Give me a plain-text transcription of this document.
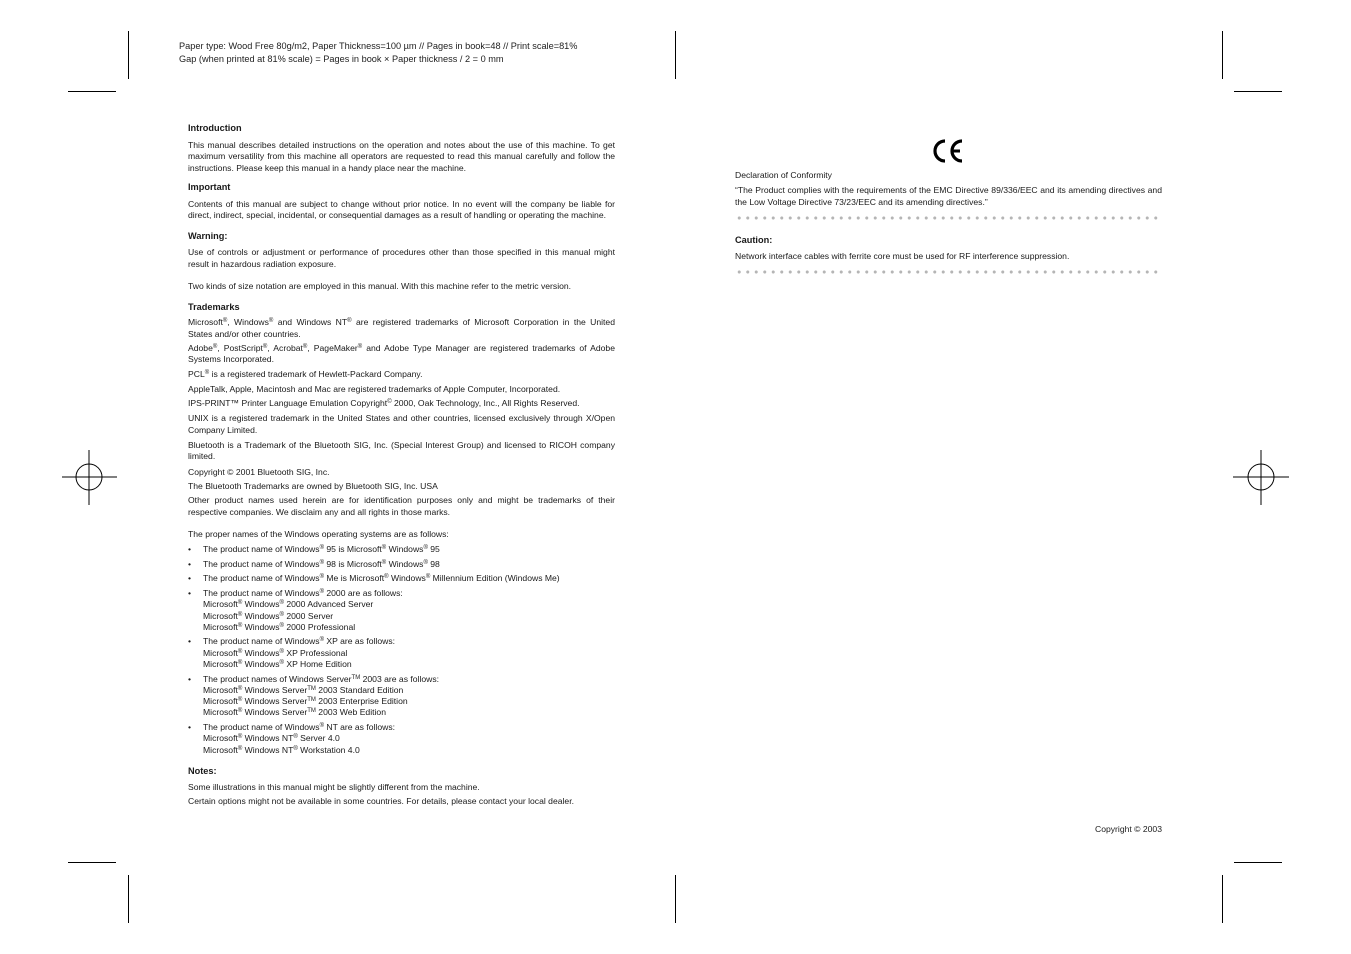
Paper type: Wood Free 80g/m2, Paper Thickness=100 µm // Pages in book=48 // Print scale=81%
Gap (when printed at 81% scale) = Pages in book × Paper thickness / 2 = 0 mm
Introduction

This manual describes detailed instructions on the operation and notes about the use of this machine. To get maximum versatility from this machine all operators are requested to read this manual carefully and follow the instructions. Please keep this manual in a handy place near the machine.

Important

Contents of this manual are subject to change without prior notice. In no event will the company be liable for direct, indirect, special, incidental, or consequential damages as a result of handling or operating the machine.

Warning:

Use of controls or adjustment or performance of procedures other than those specified in this manual might result in hazardous radiation exposure.

Two kinds of size notation are employed in this manual. With this machine refer to the metric version.

Trademarks

Microsoft®, Windows® and Windows NT® are registered trademarks of Microsoft Corporation in the United States and/or other countries.

Adobe®, PostScript®, Acrobat®, PageMaker® and Adobe Type Manager are registered trademarks of Adobe Systems Incorporated.

PCL® is a registered trademark of Hewlett-Packard Company.

AppleTalk, Apple, Macintosh and Mac are registered trademarks of Apple Computer, Incorporated.

IPS-PRINT™ Printer Language Emulation Copyright© 2000, Oak Technology, Inc., All Rights Reserved.

UNIX is a registered trademark in the United States and other countries, licensed exclusively through X/Open Company Limited.

Bluetooth is a Trademark of the Bluetooth SIG, Inc. (Special Interest Group) and licensed to RICOH company limited.

Copyright © 2001 Bluetooth SIG, Inc.

The Bluetooth Trademarks are owned by Bluetooth SIG, Inc. USA

Other product names used herein are for identification purposes only and might be trademarks of their respective companies. We disclaim any and all rights in those marks.

The proper names of the Windows operating systems are as follows:

• The product name of Windows® 95 is Microsoft® Windows® 95
• The product name of Windows® 98 is Microsoft® Windows® 98
• The product name of Windows® Me is Microsoft® Windows® Millennium Edition (Windows Me)
• The product name of Windows® 2000 are as follows:
Microsoft® Windows® 2000 Advanced Server
Microsoft® Windows® 2000 Server
Microsoft® Windows® 2000 Professional
• The product name of Windows® XP are as follows:
Microsoft® Windows® XP Professional
Microsoft® Windows® XP Home Edition
• The product names of Windows Server™ 2003 are as follows:
Microsoft® Windows Server™ 2003 Standard Edition
Microsoft® Windows Server™ 2003 Enterprise Edition
Microsoft® Windows Server™ 2003 Web Edition
• The product name of Windows® NT are as follows:
Microsoft® Windows NT® Server 4.0
Microsoft® Windows NT® Workstation 4.0
Notes:

Some illustrations in this manual might be slightly different from the machine.

Certain options might not be available in some countries. For details, please contact your local dealer.

Declaration of Conformity

“The Product complies with the requirements of the EMC Directive 89/336/EEC and its amending directives and the Low Voltage Directive 73/23/EEC and its amending directives.”

Caution:

Network interface cables with ferrite core must be used for RF interference suppression.

Copyright © 2003
